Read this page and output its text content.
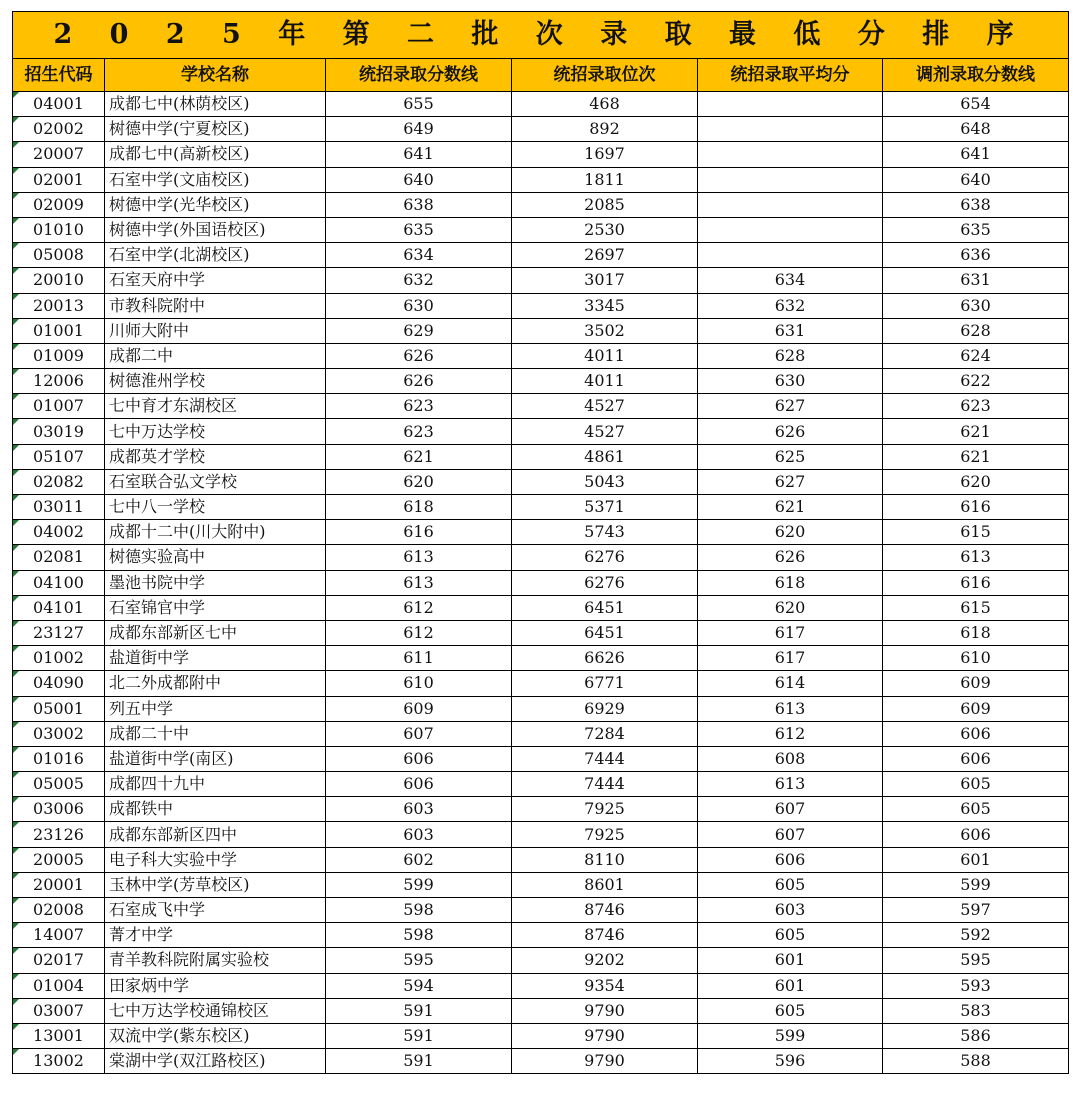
2 0 2 5 年 第 二 批 次 录 取 最 低 分 排 序					
招生代码	学校名称	统招录取分数线	统招录取位次	统招录取平均分	调剂录取分数线
04001	成都七中(林荫校区)	655	468		654
02002	树德中学(宁夏校区)	649	892		648
20007	成都七中(高新校区)	641	1697		641
02001	石室中学(文庙校区)	640	1811		640
02009	树德中学(光华校区)	638	2085		638
01010	树德中学(外国语校区)	635	2530		635
05008	石室中学(北湖校区)	634	2697		636
20010	石室天府中学	632	3017	634	631
20013	市教科院附中	630	3345	632	630
01001	川师大附中	629	3502	631	628
01009	成都二中	626	4011	628	624
12006	树德淮州学校	626	4011	630	622
01007	七中育才东湖校区	623	4527	627	623
03019	七中万达学校	623	4527	626	621
05107	成都英才学校	621	4861	625	621
02082	石室联合弘文学校	620	5043	627	620
03011	七中八一学校	618	5371	621	616
04002	成都十二中(川大附中)	616	5743	620	615
02081	树德实验高中	613	6276	626	613
04100	墨池书院中学	613	6276	618	616
04101	石室锦官中学	612	6451	620	615
23127	成都东部新区七中	612	6451	617	618
01002	盐道街中学	611	6626	617	610
04090	北二外成都附中	610	6771	614	609
05001	列五中学	609	6929	613	609
03002	成都二十中	607	7284	612	606
01016	盐道街中学(南区)	606	7444	608	606
05005	成都四十九中	606	7444	613	605
03006	成都铁中	603	7925	607	605
23126	成都东部新区四中	603	7925	607	606
20005	电子科大实验中学	602	8110	606	601
20001	玉林中学(芳草校区)	599	8601	605	599
02008	石室成飞中学	598	8746	603	597
14007	菁才中学	598	8746	605	592
02017	青羊教科院附属实验校	595	9202	601	595
01004	田家炳中学	594	9354	601	593
03007	七中万达学校通锦校区	591	9790	605	583
13001	双流中学(紫东校区)	591	9790	599	586
13002	棠湖中学(双江路校区)	591	9790	596	588
